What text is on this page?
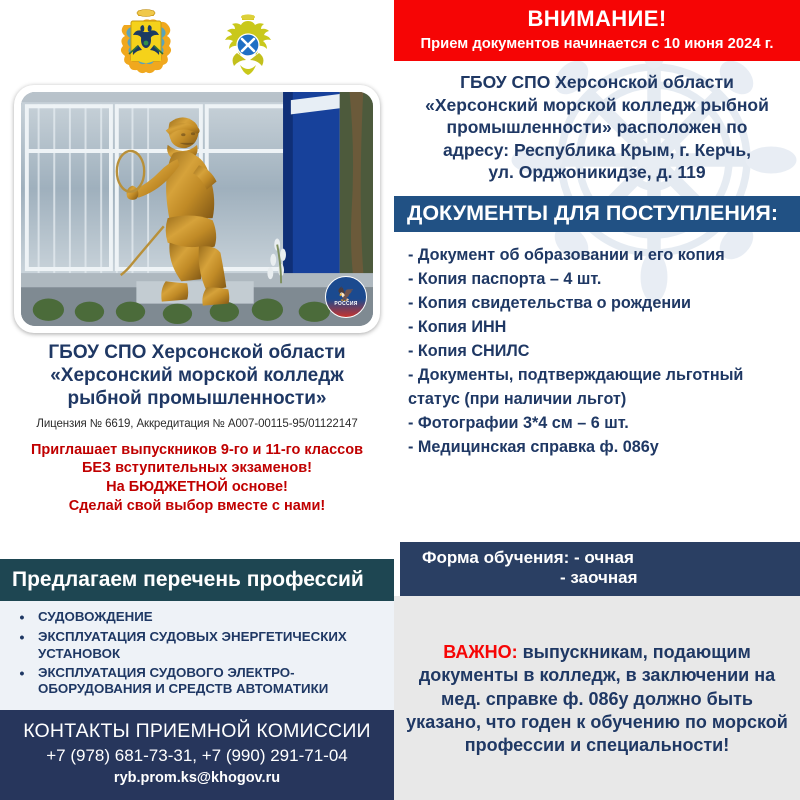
🦅
РОССИЯ
ГБОУ СПО Херсонской области
«Херсонский морской колледж
рыбной промышленности»
Лицензия № 6619, Аккредитация № А007-00115-95/01122147
Приглашает выпускников 9-го и 11-го классов
БЕЗ вступительных экзаменов!
На БЮДЖЕТНОЙ основе!
Сделай свой выбор вместе с нами!
Предлагаем перечень профессий
•	СУДОВОЖДЕНИЕ
•	ЭКСПЛУАТАЦИЯ СУДОВЫХ ЭНЕРГЕТИЧЕСКИХ УСТАНОВОК
•	ЭКСПЛУАТАЦИЯ СУДОВОГО ЭЛЕКТРО-ОБОРУДОВАНИЯ И СРЕДСТВ АВТОМАТИКИ
КОНТАКТЫ ПРИЕМНОЙ КОМИССИИ
+7 (978) 681-73-31, +7 (990) 291-71-04
ryb.prom.ks@khogov.ru
ВНИМАНИЕ!
Прием документов начинается с 10 июня 2024 г.
ГБОУ СПО Херсонской области
«Херсонский морской колледж рыбной
промышленности» расположен по
адресу: Республика Крым, г. Керчь,
ул. Орджоникидзе, д. 119
ДОКУМЕНТЫ ДЛЯ ПОСТУПЛЕНИЯ:
- Документ об образовании и его копия
- Копия паспорта – 4 шт.
- Копия свидетельства о рождении
- Копия ИНН
- Копия СНИЛС
- Документы, подтверждающие льготный
статус (при наличии льгот)
- Фотографии 3*4 см – 6 шт.
- Медицинская справка ф. 086у
Форма обучения: - очная
- заочная
ВАЖНО: выпускникам, подающим документы в колледж, в заключении на мед. справке ф. 086у должно быть указано, что годен к обучению по морской профессии и специальности!
